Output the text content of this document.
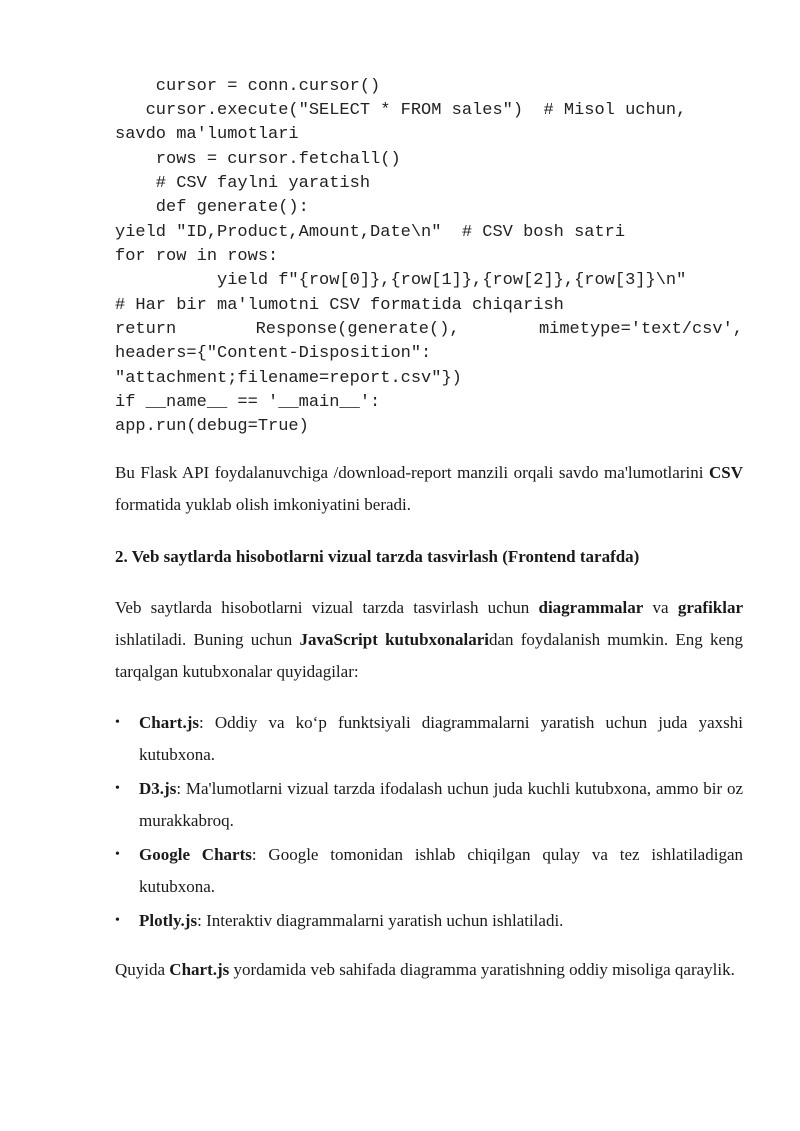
cursor = conn.cursor()
cursor.execute("SELECT * FROM sales")  # Misol uchun,
savdo ma'lumotlari
rows = cursor.fetchall()
# CSV faylni yaratish
def generate():
yield "ID,Product,Amount,Date\n"  # CSV bosh satri
for row in rows:
yield f"{row[0]},{row[1]},{row[2]},{row[3]}\n"
# Har bir ma'lumotni CSV formatida chiqarish
return	Response(generate(),	mimetype='text/csv',
headers={"Content-Disposition":
"attachment;filename=report.csv"})
if __name__ == '__main__':
app.run(debug=True)

Bu Flask API foydalanuvchiga /download-report manzili orqali savdo ma'lumotlarini CSV formatida yuklab olish imkoniyatini beradi.

2. Veb saytlarda hisobotlarni vizual tarzda tasvirlash (Frontend tarafda)

Veb saytlarda hisobotlarni vizual tarzda tasvirlash uchun diagrammalar va grafiklar ishlatiladi. Buning uchun JavaScript kutubxonalaridan foydalanish mumkin. Eng keng tarqalgan kutubxonalar quyidagilar:

•	Chart.js: Oddiy va ko‘p funktsiyali diagrammalarni yaratish uchun juda yaxshi kutubxona.
•	D3.js: Ma'lumotlarni vizual tarzda ifodalash uchun juda kuchli kutubxona, ammo bir oz murakkabroq.
•	Google Charts: Google tomonidan ishlab chiqilgan qulay va tez ishlatiladigan kutubxona.
•	Plotly.js: Interaktiv diagrammalarni yaratish uchun ishlatiladi.

Quyida Chart.js yordamida veb sahifada diagramma yaratishning oddiy misoliga qaraylik.
